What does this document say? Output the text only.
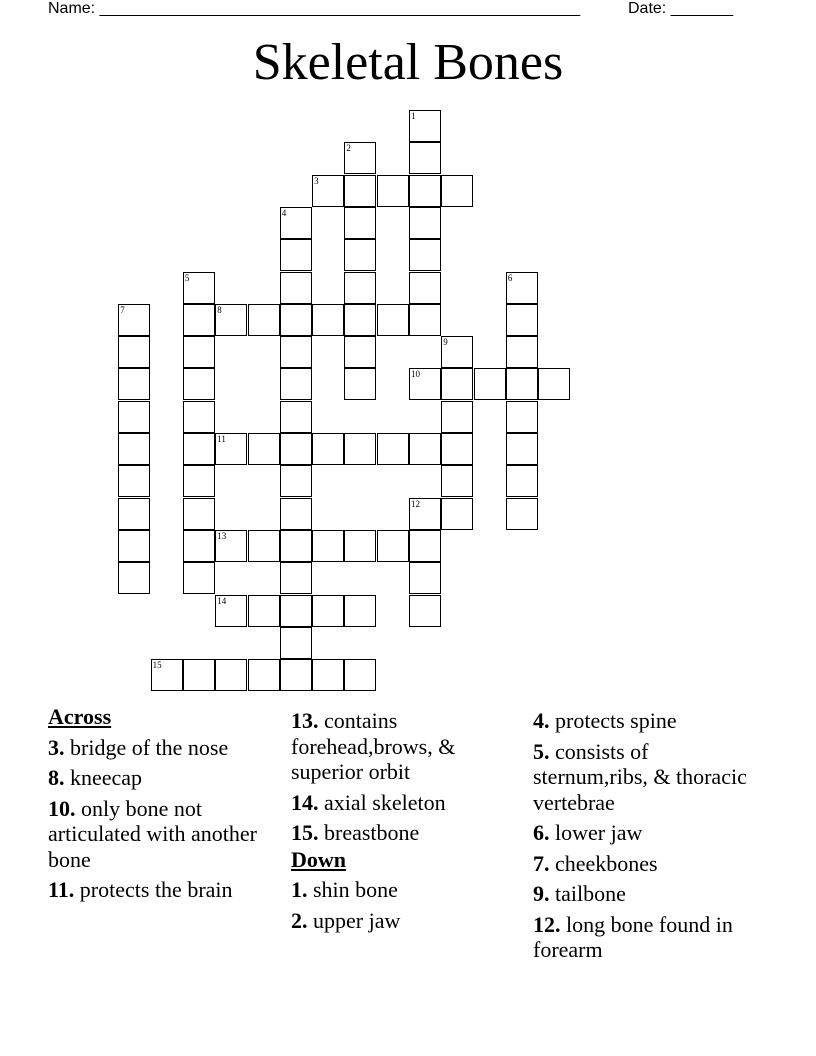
Name: ______________________________________________________	Date: _______
Skeletal Bones
1
2
3
4
5	6
7	8
9
10
11
12
13
14
15
Across
3. bridge of the nose
8. kneecap
10. only bone not articulated with another bone
11. protects the brain
13. contains forehead,brows, & superior orbit
14. axial skeleton
15. breastbone
Down
1. shin bone
2. upper jaw
4. protects spine
5. consists of sternum,ribs, & thoracic vertebrae
6. lower jaw
7. cheekbones
9. tailbone
12. long bone found in forearm
